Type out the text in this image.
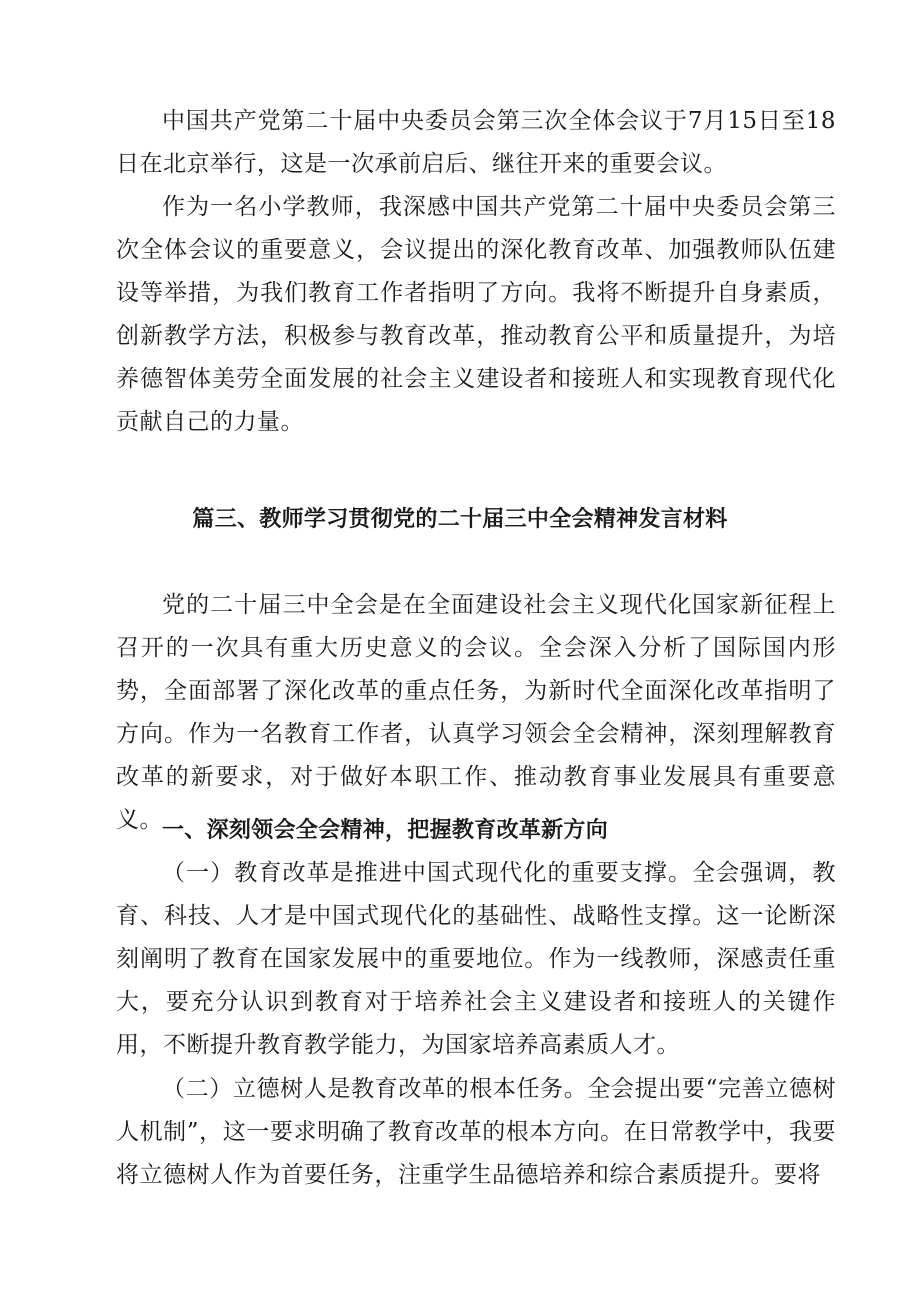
中国共产党第二十届中央委员会第三次全体会议于7月15日至18日在北京举行，这是一次承前启后、继往开来的重要会议。

作为一名小学教师，我深感中国共产党第二十届中央委员会第三次全体会议的重要意义，会议提出的深化教育改革、加强教师队伍建设等举措，为我们教育工作者指明了方向。我将不断提升自身素质，创新教学方法，积极参与教育改革，推动教育公平和质量提升，为培养德智体美劳全面发展的社会主义建设者和接班人和实现教育现代化贡献自己的力量。

篇三、教师学习贯彻党的二十届三中全会精神发言材料

党的二十届三中全会是在全面建设社会主义现代化国家新征程上召开的一次具有重大历史意义的会议。全会深入分析了国际国内形势，全面部署了深化改革的重点任务，为新时代全面深化改革指明了方向。作为一名教育工作者，认真学习领会全会精神，深刻理解教育改革的新要求，对于做好本职工作、推动教育事业发展具有重要意义。 一、深刻领会全会精神，把握教育改革新方向

（一）教育改革是推进中国式现代化的重要支撑。全会强调，教育、科技、人才是中国式现代化的基础性、战略性支撑。这一论断深刻阐明了教育在国家发展中的重要地位。作为一线教师，深感责任重大，要充分认识到教育对于培养社会主义建设者和接班人的关键作用，不断提升教育教学能力，为国家培养高素质人才。

（二）立德树人是教育改革的根本任务。全会提出要“完善立德树人机制”，这一要求明确了教育改革的根本方向。在日常教学中，我要将立德树人作为首要任务，注重学生品德培养和综合素质提升。要将
